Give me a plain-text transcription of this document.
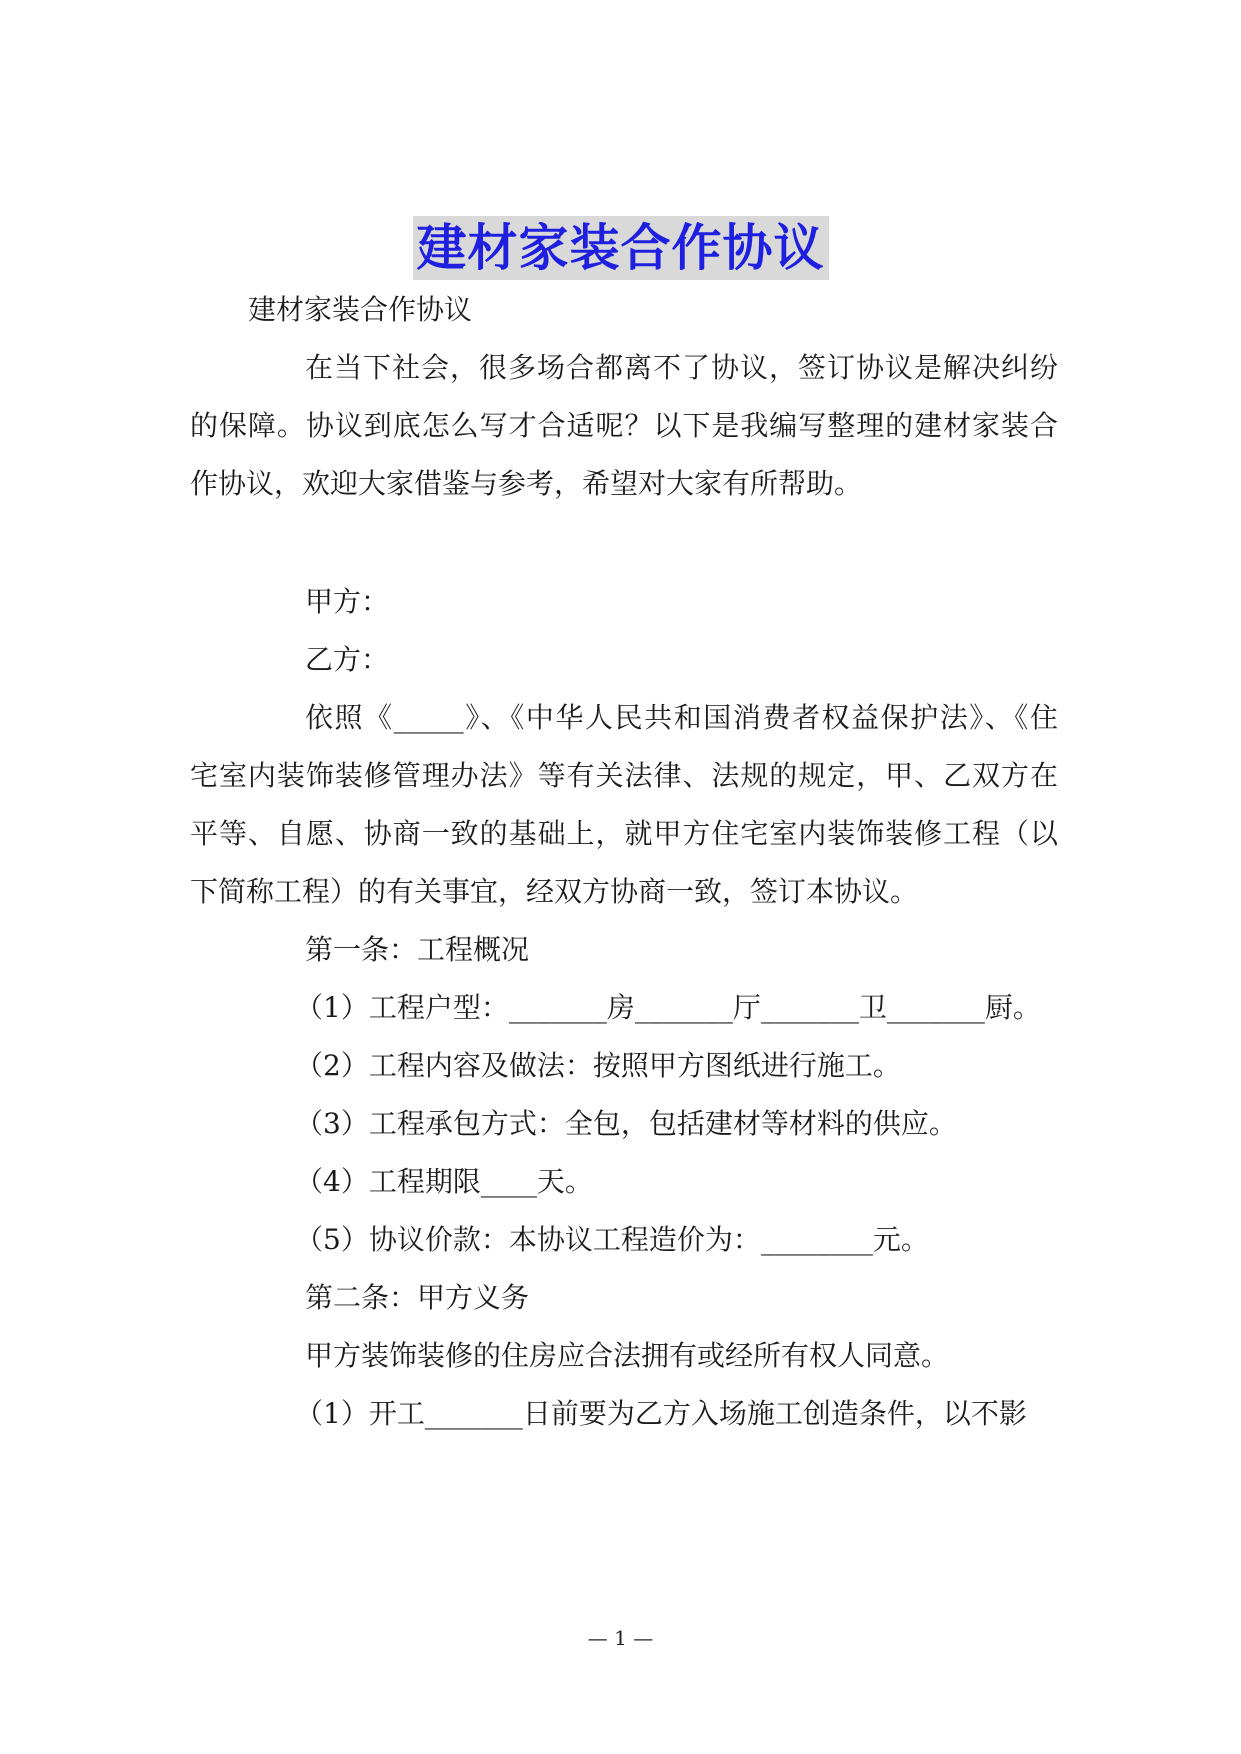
建材家装合作协议
建材家装合作协议
在当下社会，很多场合都离不了协议，签订协议是解决纠纷
的保障。协议到底怎么写才合适呢？以下是我编写整理的建材家装合
作协议，欢迎大家借鉴与参考，希望对大家有所帮助。
甲方：
乙方：
依照《_____》、《中华人民共和国消费者权益保护法》、《住
宅室内装饰装修管理办法》等有关法律、法规的规定，甲、乙双方在
平等、自愿、协商一致的基础上，就甲方住宅室内装饰装修工程（以
下简称工程）的有关事宜，经双方协商一致，签订本协议。
第一条：工程概况
（1）工程户型：_______房_______厅_______卫_______厨。
（2）工程内容及做法：按照甲方图纸进行施工。
（3）工程承包方式：全包，包括建材等材料的供应。
（4）工程期限____天。
（5）协议价款：本协议工程造价为：________元。
第二条：甲方义务
甲方装饰装修的住房应合法拥有或经所有权人同意。
（1）开工_______日前要为乙方入场施工创造条件，以不影
— 1 —
